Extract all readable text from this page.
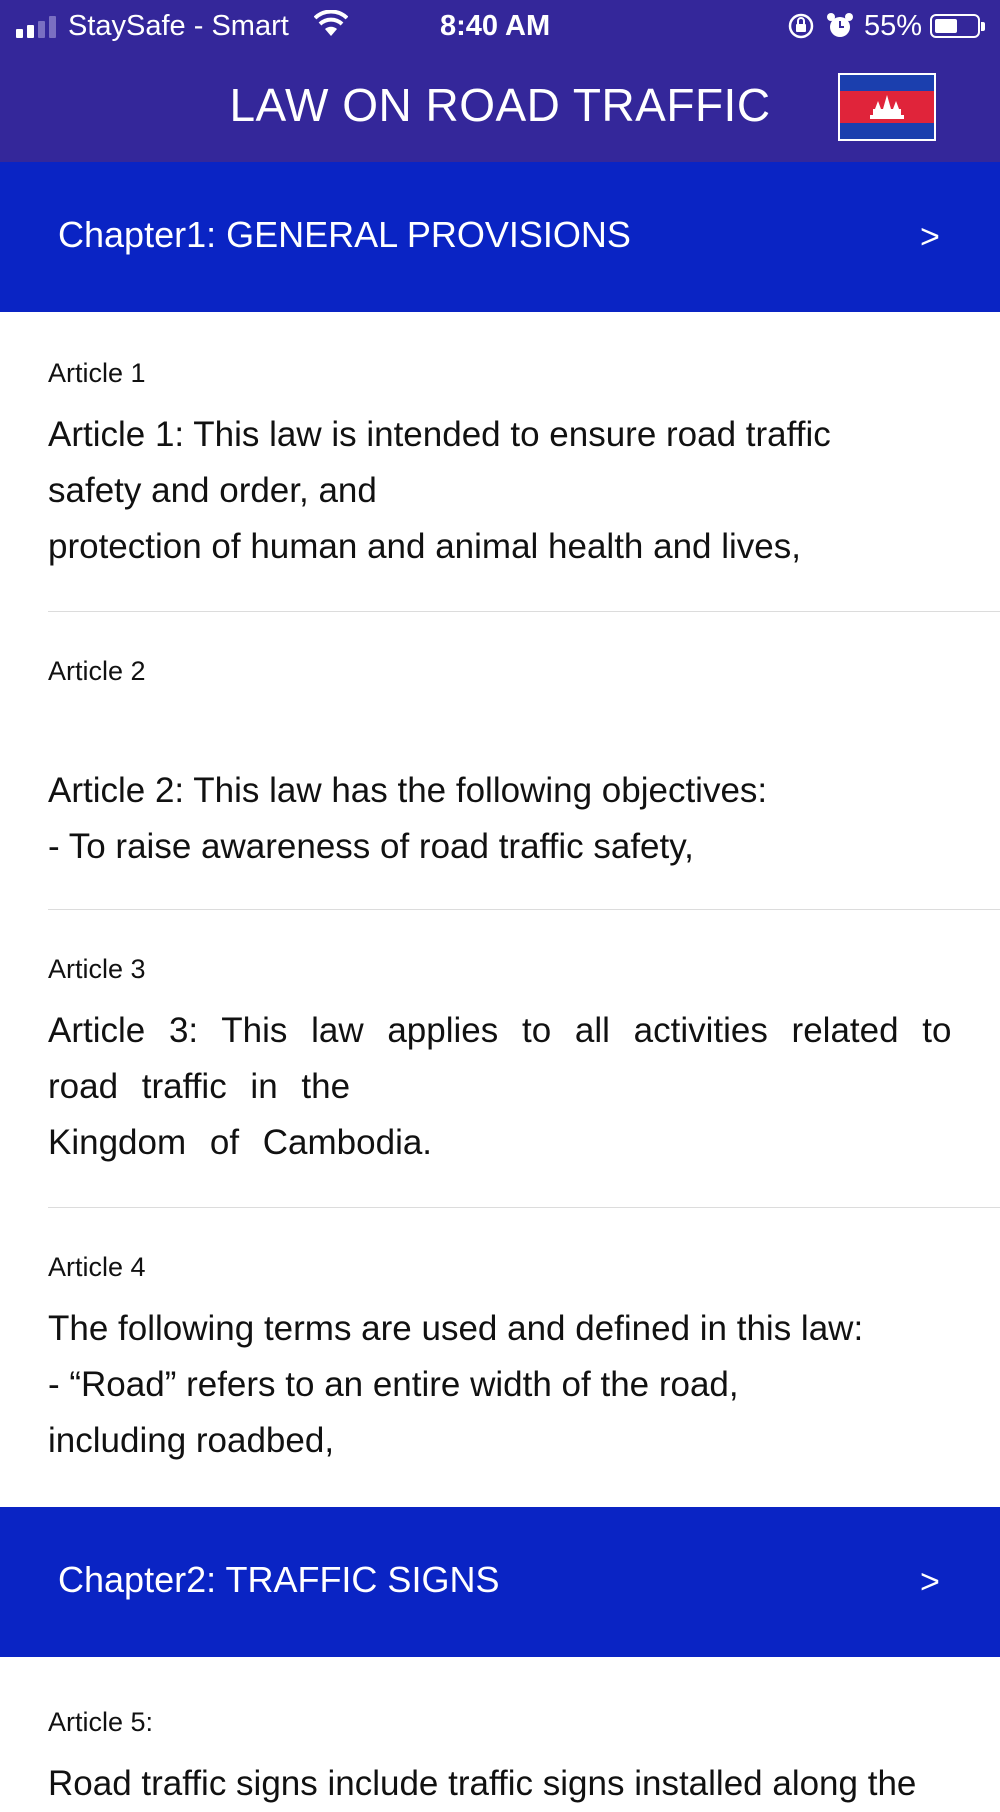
StaySafe - Smart	8:40 AM	55%
LAW ON ROAD TRAFFIC
Chapter1: GENERAL PROVISIONS	>

Article 1

Article 1: This law is intended to ensure road traffic
safety and order, and
protection of human and animal health and lives,

Article 2

Article 2: This law has the following objectives:
- To raise awareness of road traffic safety,

Article 3

Article 3: This law applies to all activities related to
road traffic in the
Kingdom of Cambodia.

Article 4

The following terms are used and defined in this law:
- “Road” refers to an entire width of the road,
including roadbed,

Chapter2: TRAFFIC SIGNS	>

Article 5:

Road traffic signs include traffic signs installed along the
